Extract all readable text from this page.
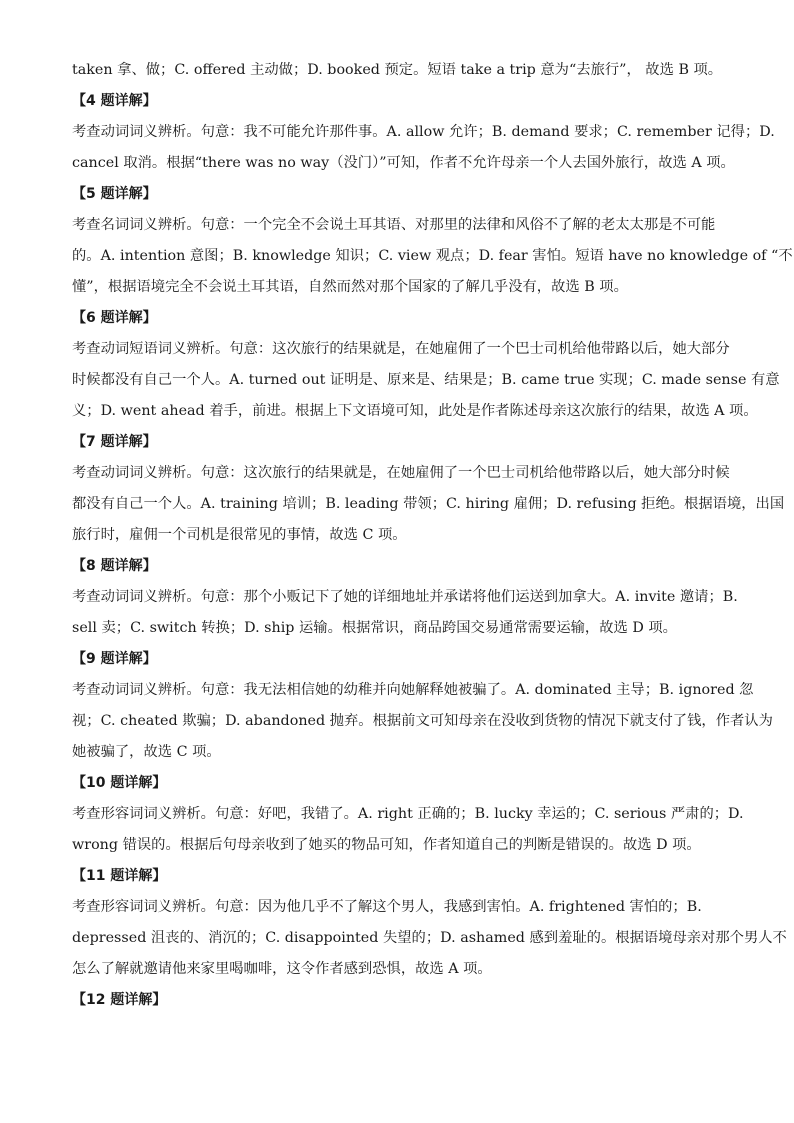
taken 拿、做；C. offered 主动做；D. booked 预定。短语 take a trip 意为“去旅行”， 故选 B 项。
【4 题详解】
考查动词词义辨析。句意：我不可能允许那件事。A. allow 允许；B. demand 要求；C. remember 记得；D.
cancel 取消。根据“there was no way（没门）”可知，作者不允许母亲一个人去国外旅行，故选 A 项。
【5 题详解】
考查名词词义辨析。句意：一个完全不会说土耳其语、对那里的法律和风俗不了解的老太太那是不可能
的。A. intention 意图；B. knowledge 知识；C. view 观点；D. fear 害怕。短语 have no knowledge of “不
懂”，根据语境完全不会说土耳其语，自然而然对那个国家的了解几乎没有，故选 B 项。
【6 题详解】
考查动词短语词义辨析。句意：这次旅行的结果就是，在她雇佣了一个巴士司机给他带路以后，她大部分
时候都没有自己一个人。A. turned out 证明是、原来是、结果是；B. came true 实现；C. made sense 有意
义；D. went ahead 着手，前进。根据上下文语境可知，此处是作者陈述母亲这次旅行的结果，故选 A 项。
【7 题详解】
考查动词词义辨析。句意：这次旅行的结果就是，在她雇佣了一个巴士司机给他带路以后，她大部分时候
都没有自己一个人。A. training 培训；B. leading 带领；C. hiring 雇佣；D. refusing 拒绝。根据语境，出国
旅行时，雇佣一个司机是很常见的事情，故选 C 项。
【8 题详解】
考查动词词义辨析。句意：那个小贩记下了她的详细地址并承诺将他们运送到加拿大。A. invite 邀请；B.
sell 卖；C. switch 转换；D. ship 运输。根据常识，商品跨国交易通常需要运输，故选 D 项。
【9 题详解】
考查动词词义辨析。句意：我无法相信她的幼稚并向她解释她被骗了。A. dominated 主导；B. ignored 忽
视；C. cheated 欺骗；D. abandoned 抛弃。根据前文可知母亲在没收到货物的情况下就支付了钱，作者认为
她被骗了，故选 C 项。
【10 题详解】
考查形容词词义辨析。句意：好吧，我错了。A. right 正确的；B. lucky 幸运的；C. serious 严肃的；D.
wrong 错误的。根据后句母亲收到了她买的物品可知，作者知道自己的判断是错误的。故选 D 项。
【11 题详解】
考查形容词词义辨析。句意：因为他几乎不了解这个男人，我感到害怕。A. frightened 害怕的；B.
depressed 沮丧的、消沉的；C. disappointed 失望的；D. ashamed 感到羞耻的。根据语境母亲对那个男人不
怎么了解就邀请他来家里喝咖啡，这令作者感到恐惧，故选 A 项。
【12 题详解】
